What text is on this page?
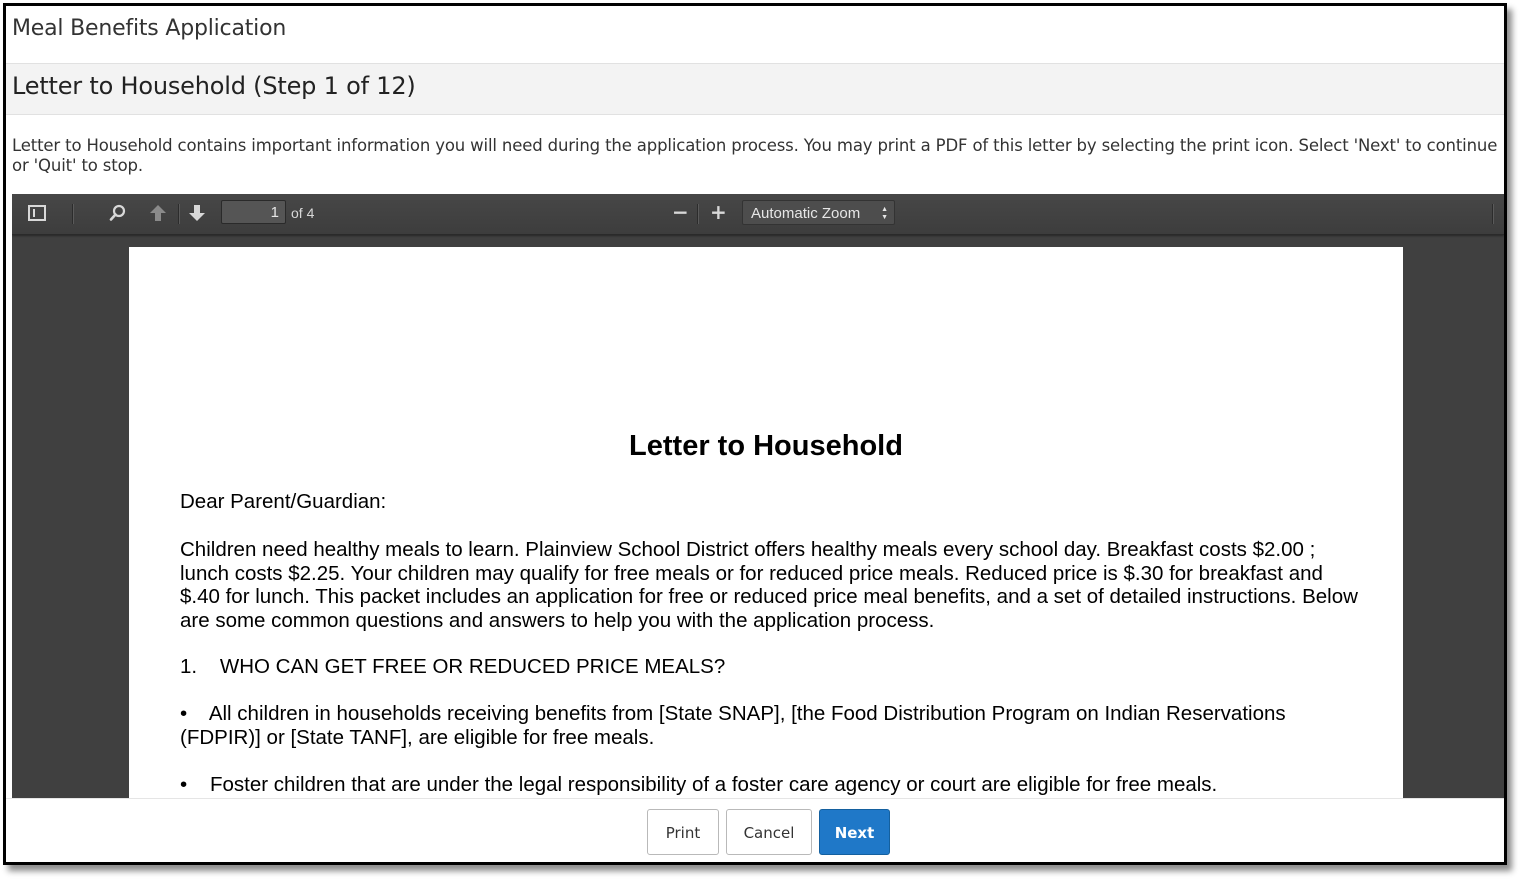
Meal Benefits Application
Letter to Household (Step 1 of 12)
Letter to Household contains important information you will need during the application process. You may print a PDF of this letter by selecting the print icon. Select 'Next' to continue or 'Quit' to stop.
1 of 4	− +	Automatic Zoom	▲
▼
Letter to Household
Dear Parent/Guardian:
Children need healthy meals to learn. Plainview School District offers healthy meals every school day. Breakfast costs $2.00 ; lunch costs $2.25. Your children may qualify for free meals or for reduced price meals. Reduced price is $.30 for breakfast and $.40 for lunch. This packet includes an application for free or reduced price meal benefits, and a set of detailed instructions. Below are some common questions and answers to help you with the application process.
1.    WHO CAN GET FREE OR REDUCED PRICE MEALS?
•    All children in households receiving benefits from [State SNAP], [the Food Distribution Program on Indian Reservations (FDPIR)] or [State TANF], are eligible for free meals.
•    Foster children that are under the legal responsibility of a foster care agency or court are eligible for free meals.
Print	Cancel	Next
